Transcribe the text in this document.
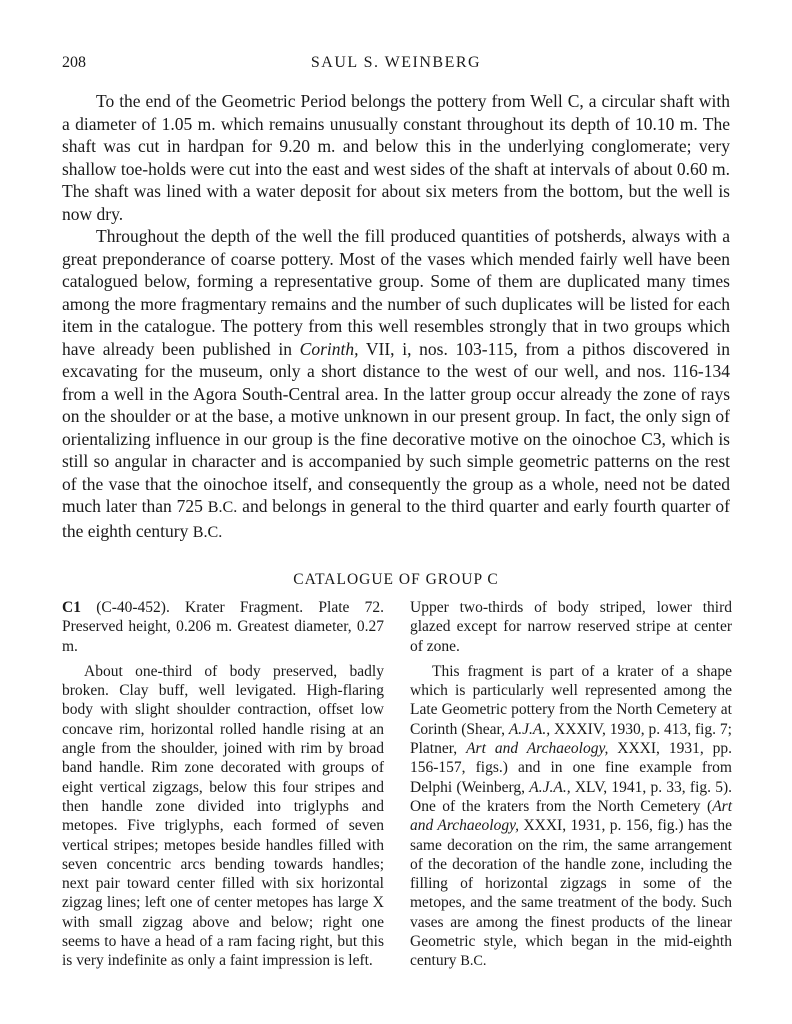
208	SAUL S. WEINBERG

To the end of the Geometric Period belongs the pottery from Well C, a circular shaft with a diameter of 1.05 m. which remains unusually constant throughout its depth of 10.10 m. The shaft was cut in hardpan for 9.20 m. and below this in the underlying conglomerate; very shallow toe-holds were cut into the east and west sides of the shaft at intervals of about 0.60 m. The shaft was lined with a water deposit for about six meters from the bottom, but the well is now dry.

Throughout the depth of the well the fill produced quantities of potsherds, always with a great preponderance of coarse pottery. Most of the vases which mended fairly well have been catalogued below, forming a representative group. Some of them are duplicated many times among the more fragmentary remains and the number of such duplicates will be listed for each item in the catalogue. The pottery from this well resembles strongly that in two groups which have already been published in Corinth, VII, i, nos. 103-115, from a pithos discovered in excavating for the museum, only a short distance to the west of our well, and nos. 116-134 from a well in the Agora South-Central area. In the latter group occur already the zone of rays on the shoulder or at the base, a motive unknown in our present group. In fact, the only sign of orientalizing influence in our group is the fine decorative motive on the oinochoe C3, which is still so angular in character and is accompanied by such simple geometric patterns on the rest of the vase that the oinochoe itself, and consequently the group as a whole, need not be dated much later than 725 B.C. and belongs in general to the third quarter and early fourth quarter of the eighth century B.C.

CATALOGUE OF GROUP C

C1 (C-40-452). Krater Fragment. Plate 72. Preserved height, 0.206 m. Greatest diameter, 0.27 m.

About one-third of body preserved, badly broken. Clay buff, well levigated. High-flaring body with slight shoulder contraction, offset low concave rim, horizontal rolled handle rising at an angle from the shoulder, joined with rim by broad band handle. Rim zone decorated with groups of eight vertical zigzags, below this four stripes and then handle zone divided into triglyphs and metopes. Five triglyphs, each formed of seven vertical stripes; metopes beside handles filled with seven concentric arcs bending towards handles; next pair toward center filled with six horizontal zigzag lines; left one of center metopes has large X with small zigzag above and below; right one seems to have a head of a ram facing right, but this is very indefinite as only a faint impression is left.

Upper two-thirds of body striped, lower third glazed except for narrow reserved stripe at center of zone.

This fragment is part of a krater of a shape which is particularly well represented among the Late Geometric pottery from the North Cemetery at Corinth (Shear, A.J.A., XXXIV, 1930, p. 413, fig. 7; Platner, Art and Archaeology, XXXI, 1931, pp. 156-157, figs.) and in one fine example from Delphi (Weinberg, A.J.A., XLV, 1941, p. 33, fig. 5). One of the kraters from the North Cemetery (Art and Archaeology, XXXI, 1931, p. 156, fig.) has the same decoration on the rim, the same arrangement of the decoration of the handle zone, including the filling of horizontal zigzags in some of the metopes, and the same treatment of the body. Such vases are among the finest products of the linear Geometric style, which began in the mid-eighth century B.C.
